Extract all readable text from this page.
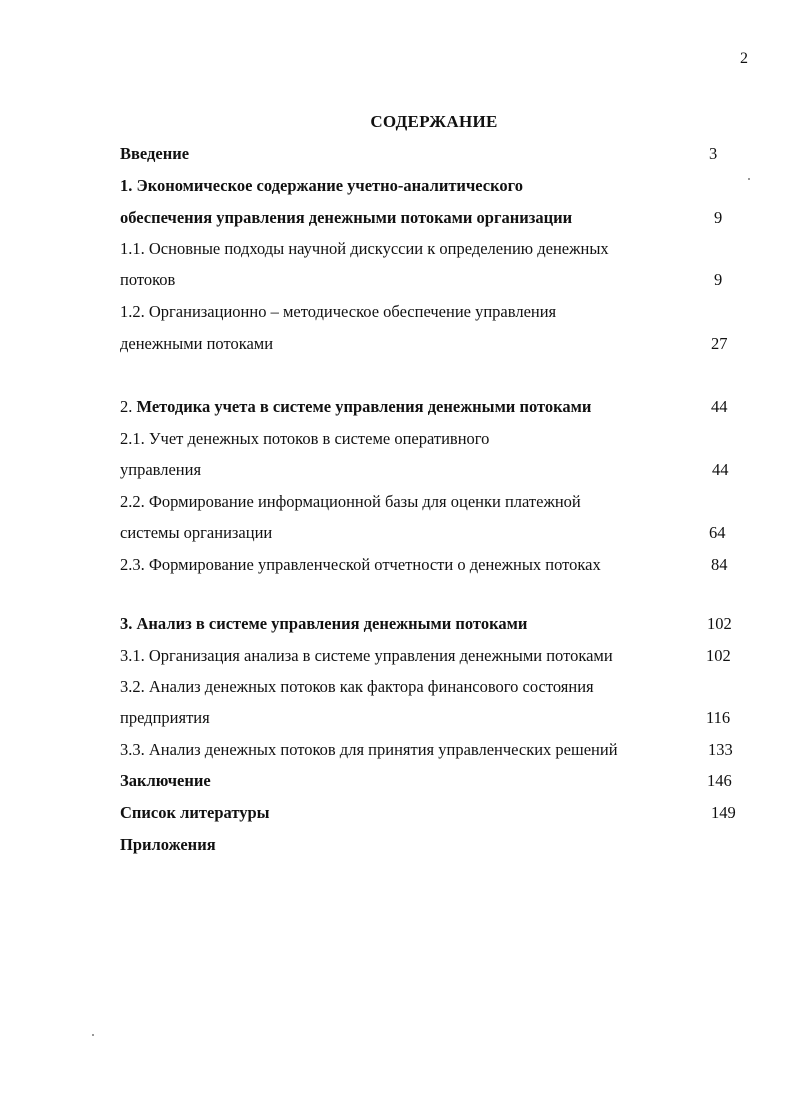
2
СОДЕРЖАНИЕ
Введение	3
1. Экономическое содержание учетно-аналитического
обеспечения управления денежными потоками организации	9
1.1. Основные подходы научной дискуссии к определению денежных
потоков	9
1.2. Организационно – методическое обеспечение управления
денежными потоками	27
2. Методика учета в системе управления денежными потоками	44
2.1. Учет денежных потоков в системе оперативного
управления	44
2.2. Формирование информационной базы для оценки платежной
системы организации	64
2.3. Формирование управленческой отчетности о денежных потоках	84
3. Анализ в системе управления денежными потоками	102
3.1. Организация анализа в системе управления денежными потоками	102
3.2. Анализ денежных потоков как фактора финансового состояния
предприятия	116
3.3. Анализ денежных потоков для принятия управленческих решений	133
Заключение	146
Список литературы	149
Приложения
